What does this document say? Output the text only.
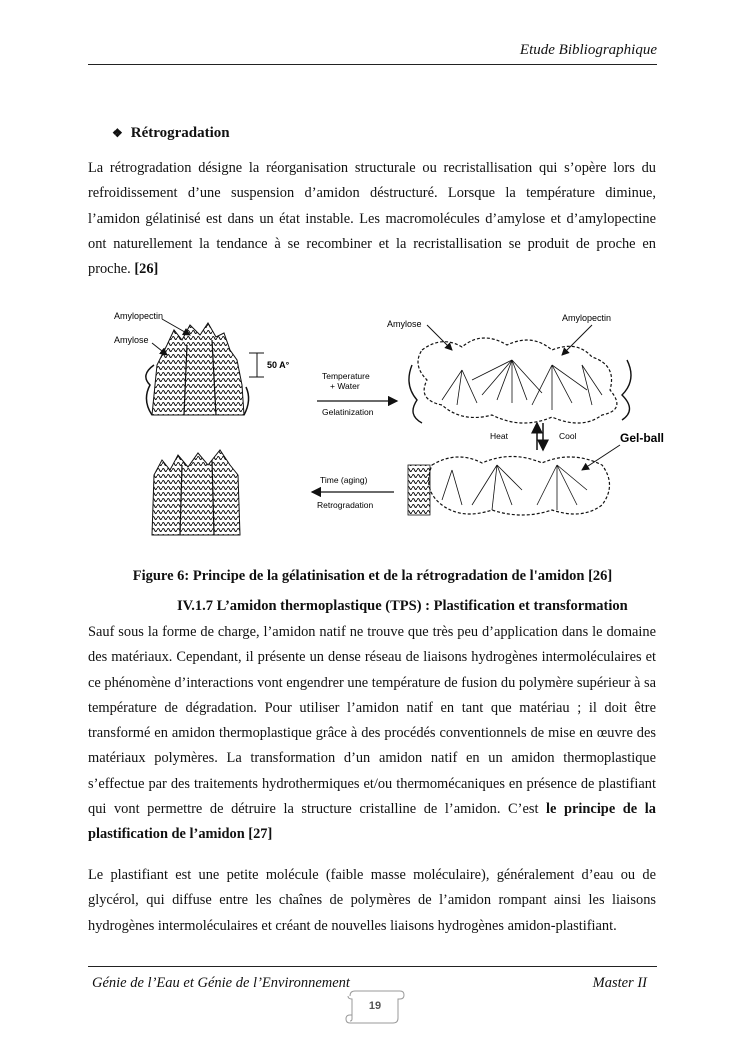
Etude Bibliographique
❖ Rétrogradation
La rétrogradation désigne la réorganisation structurale ou recristallisation qui s’opère lors du refroidissement d’une suspension d’amidon déstructuré. Lorsque la température diminue, l’amidon gélatinisé est dans un état instable. Les macromolécules d’amylose et d’amylopectine ont naturellement la tendance à se recombiner et la recristallisation se produit de proche en proche. [26]
Amylopectin
Amylose
50 A°
Temperature
+ Water
Gelatinization
Amylose
Amylopectin
Heat	Cool	Gel-ball
Time (aging)
Retrogradation
Figure 6: Principe de la gélatinisation et de la rétrogradation de l'amidon [26]
IV.1.7 L’amidon thermoplastique (TPS) : Plastification et transformation
Sauf sous la forme de charge, l’amidon natif ne trouve que très peu d’application dans le domaine des matériaux. Cependant, il présente un dense réseau de liaisons hydrogènes intermoléculaires et ce phénomène d’interactions vont engendrer une température de fusion du polymère supérieur à sa température de dégradation. Pour utiliser l’amidon natif en tant que matériau ; il doit être transformé en amidon thermoplastique grâce à des procédés conventionnels de mise en œuvre des matériaux polymères. La transformation d’un amidon natif en un amidon thermoplastique s’effectue par des traitements hydrothermiques et/ou thermomécaniques en présence de plastifiant qui vont permettre de détruire la structure cristalline de l’amidon. C’est le principe de la plastification de l’amidon [27]
Le plastifiant est une petite molécule (faible masse moléculaire), généralement d’eau ou de glycérol, qui diffuse entre les chaînes de polymères de l’amidon rompant ainsi les liaisons hydrogènes intermoléculaires et créant de nouvelles liaisons hydrogènes amidon-plastifiant.
Génie de l’Eau et Génie de l’Environnement	Master II
19
